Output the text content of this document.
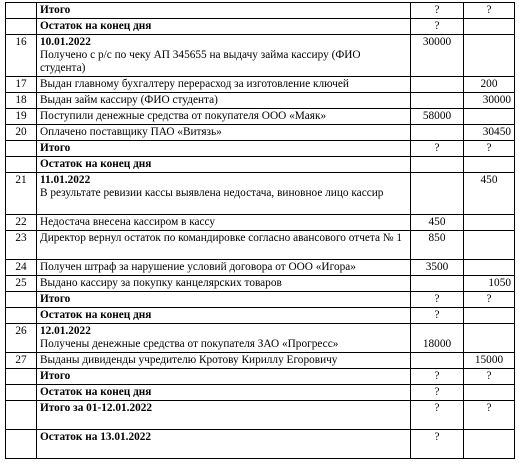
	Итого	?	?
	Остаток на конец дня	?	
16	10.01.2022
Получено с р/с по чеку АП 345655 на выдачу займа кассиру (ФИО студента)	30000	
17	Выдан главному бухгалтеру перерасход за изготовление ключей		200
18	Выдан займ кассиру (ФИО студента)		30000
19	Поступили денежные средства от покупателя ООО «Маяк»	58000	
20	Оплачено поставщику ПАО «Витязь»		30450
	Итого	?	?
	Остаток на конец дня		
21	11.01.2022
В результате ревизии кассы выявлена недостача, виновное лицо кассир		450
22	Недостача внесена кассиром в кассу	450	
23	Директор вернул остаток по командировке согласно авансового отчета № 1	850	
24	Получен штраф за нарушение условий договора от ООО «Игора»	3500	
25	Выдано кассиру за покупку канцелярских товаров		1050
	Итого	?	?
	Остаток на конец дня	?	
26	12.01.2022
Получены денежные средства от покупателя ЗАО «Прогресс»	18000	
27	Выданы дивиденды учредителю Кротову Кириллу Егоровичу		15000
	Итого	?	?
	Остаток на конец дня	?	
	Итого за 01-12.01.2022	?	?
	Остаток на 13.01.2022	?	
